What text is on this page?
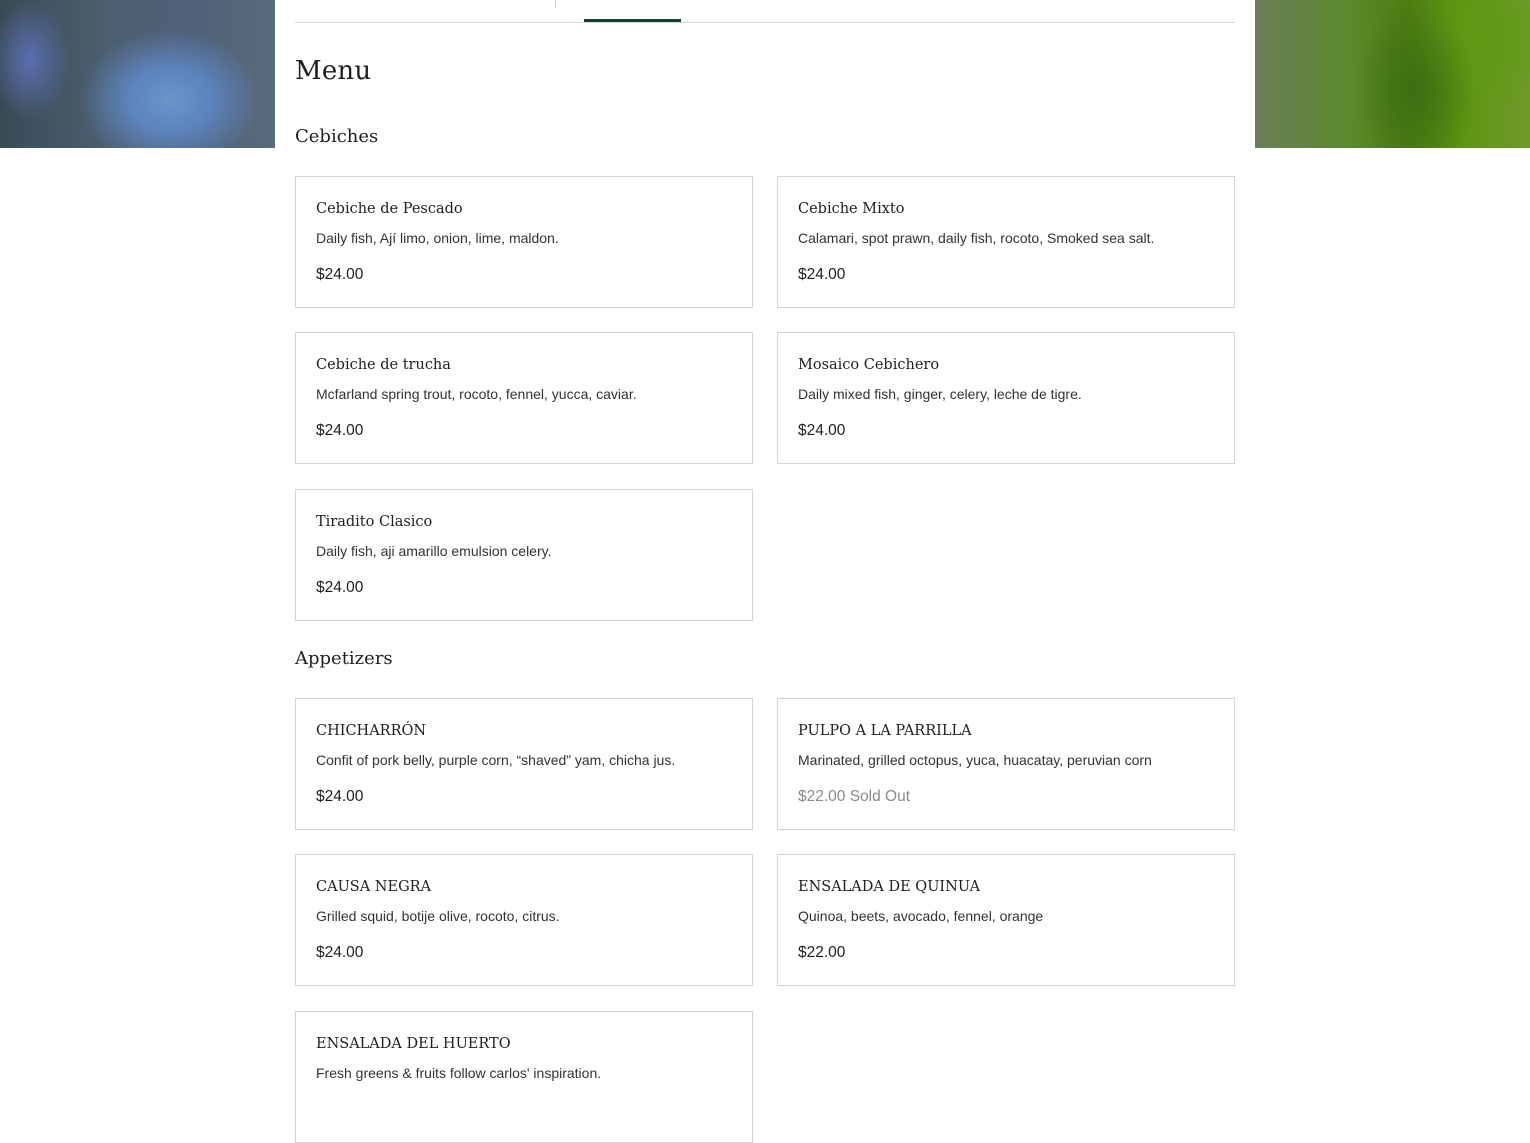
Menu
Cebiches
Cebiche de Pescado
Daily fish, Ají limo, onion, lime, maldon.
$24.00
Cebiche Mixto
Calamari, spot prawn, daily fish, rocoto, Smoked sea salt.
$24.00
Cebiche de trucha
Mcfarland spring trout, rocoto, fennel, yucca, caviar.
$24.00
Mosaico Cebichero
Daily mixed fish, ginger, celery, leche de tigre.
$24.00
Tiradito Clasico
Daily fish, aji amarillo emulsion celery.
$24.00
Appetizers
CHICHARRÓN
Confit of pork belly, purple corn, “shaved” yam, chicha jus.
$24.00
PULPO A LA PARRILLA
Marinated, grilled octopus, yuca, huacatay, peruvian corn
$22.00 Sold Out
CAUSA NEGRA
Grilled squid, botije olive, rocoto, citrus.
$24.00
ENSALADA DE QUINUA
Quinoa, beets, avocado, fennel, orange
$22.00
ENSALADA DEL HUERTO
Fresh greens & fruits follow carlos' inspiration.
